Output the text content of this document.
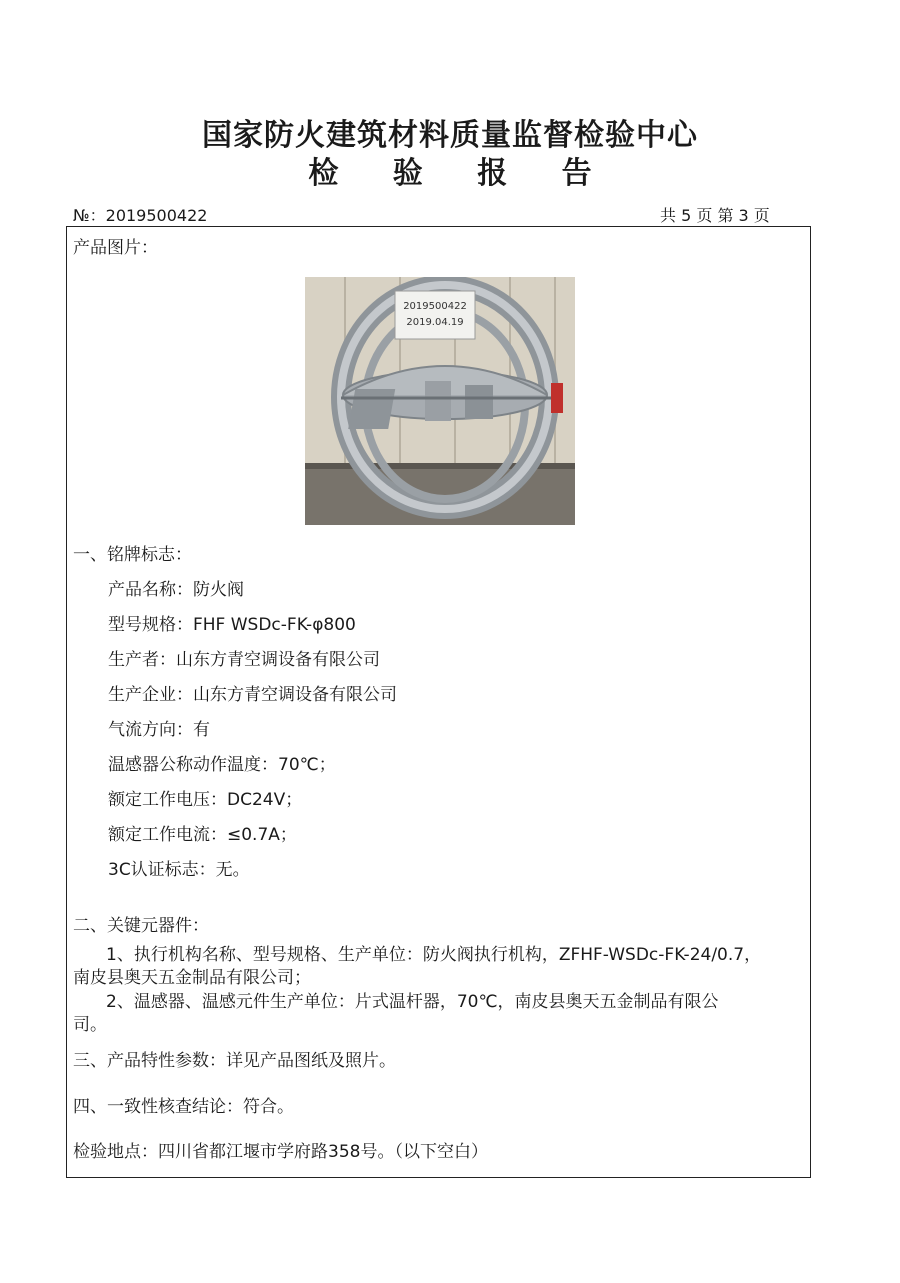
国家防火建筑材料质量监督检验中心
检 验 报 告
№：2019500422	共 5 页 第 3 页
产品图片：
2019500422
2019.04.19
一、铭牌标志：
产品名称：防火阀
型号规格：FHF WSDc-FK-φ800
生产者：山东方青空调设备有限公司
生产企业：山东方青空调设备有限公司
气流方向：有
温感器公称动作温度：70℃；
额定工作电压：DC24V；
额定工作电流：≤0.7A；
3C认证标志：无。
二、关键元器件：
1、执行机构名称、型号规格、生产单位：防火阀执行机构，ZFHF-WSDc-FK-24/0.7，
南皮县奥天五金制品有限公司；
2、温感器、温感元件生产单位：片式温杆器，70℃，南皮县奥天五金制品有限公
司。
三、产品特性参数：详见产品图纸及照片。
四、一致性核查结论：符合。
检验地点：四川省都江堰市学府路358号。（以下空白）
